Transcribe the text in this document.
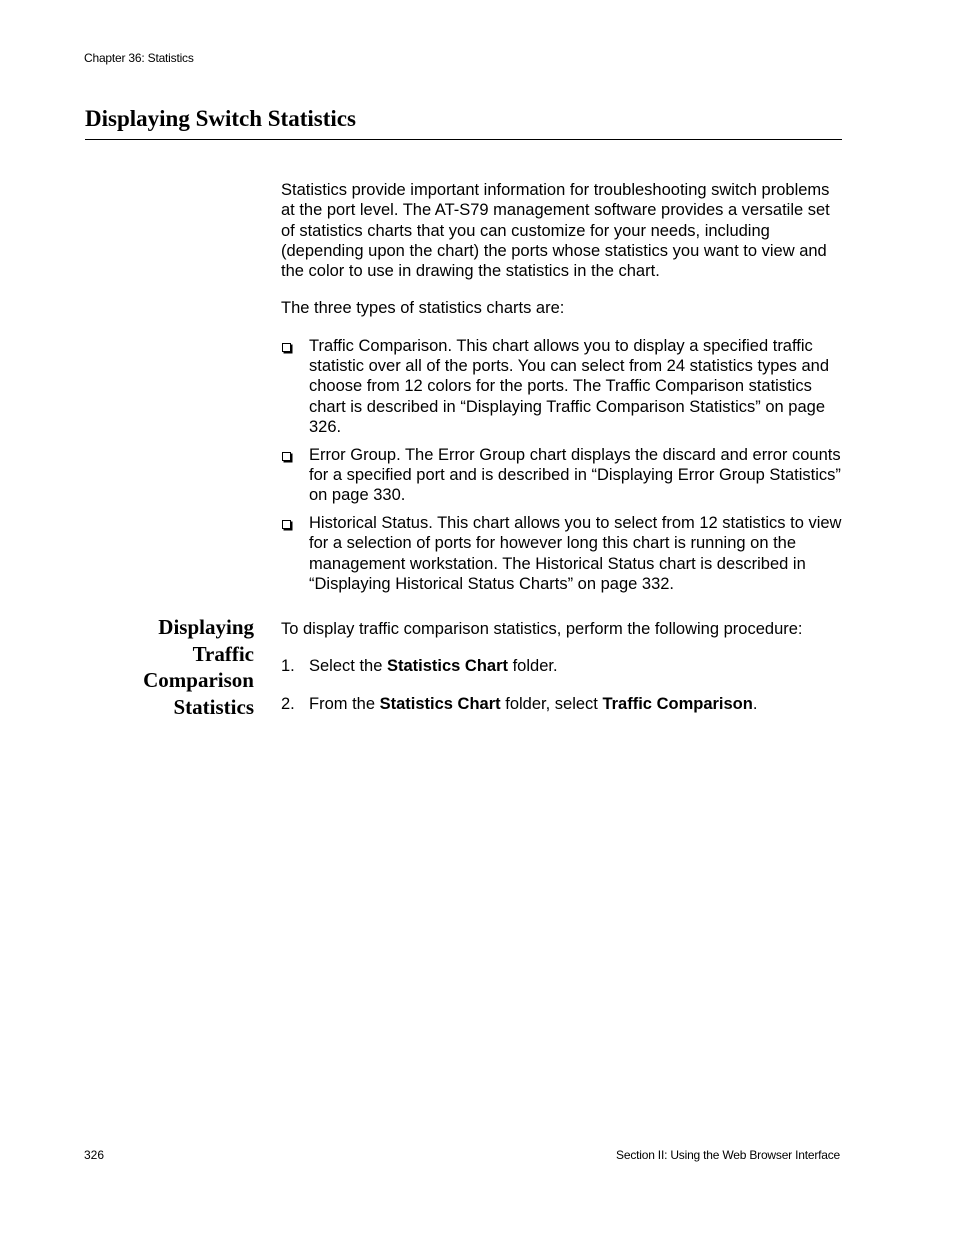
Chapter 36: Statistics
Displaying Switch Statistics

Statistics provide important information for troubleshooting switch problems at the port level. The AT-S79 management software provides a versatile set of statistics charts that you can customize for your needs, including (depending upon the chart) the ports whose statistics you want to view and the color to use in drawing the statistics in the chart.

The three types of statistics charts are:

Traffic Comparison. This chart allows you to display a specified traffic statistic over all of the ports. You can select from 24 statistics types and choose from 12 colors for the ports. The Traffic Comparison statistics chart is described in “Displaying Traffic Comparison Statistics” on page 326.
Error Group. The Error Group chart displays the discard and error counts for a specified port and is described in “Displaying Error Group Statistics” on page 330.
Historical Status. This chart allows you to select from 12 statistics to view for a selection of ports for however long this chart is running on the management workstation. The Historical Status chart is described in “Displaying Historical Status Charts” on page 332.
Displaying
Traffic
Comparison
Statistics

To display traffic comparison statistics, perform the following procedure:

1. Select the Statistics Chart folder.
2. From the Statistics Chart folder, select Traffic Comparison.
326	Section II: Using the Web Browser Interface
